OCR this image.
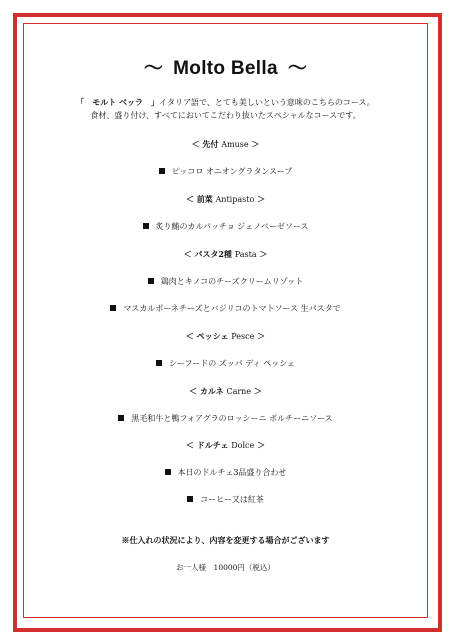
～ Molto Bella ～
「　モルト ベッラ　」イタリア語で、とても美しいという意味のこちらのコース。
食材、盛り付け、すべてにおいてこだわり抜いたスペシャルなコースです。
＜ 先付 Amuse ＞
ピッコロ オニオングラタンスープ
＜ 前菜 Antipasto ＞
炙り鮪のカルパッチョ ジェノベーゼソース
＜ パスタ2種 Pasta ＞
鶏肉とキノコのチーズクリームリゾット
マスカルポーネチーズとバジリコのトマトソース 生パスタで
＜ ペッシェ Pesce ＞
シーフードの ズッパ ディ ペッシェ
＜ カルネ Carne ＞
黒毛和牛と鴨フォアグラのロッシーニ ポルチーニソース
＜ ドルチェ Dolce ＞
本日のドルチェ3品盛り合わせ
コーヒー又は紅茶
※仕入れの状況により、内容を変更する場合がございます
お一人様　10000円（税込）
